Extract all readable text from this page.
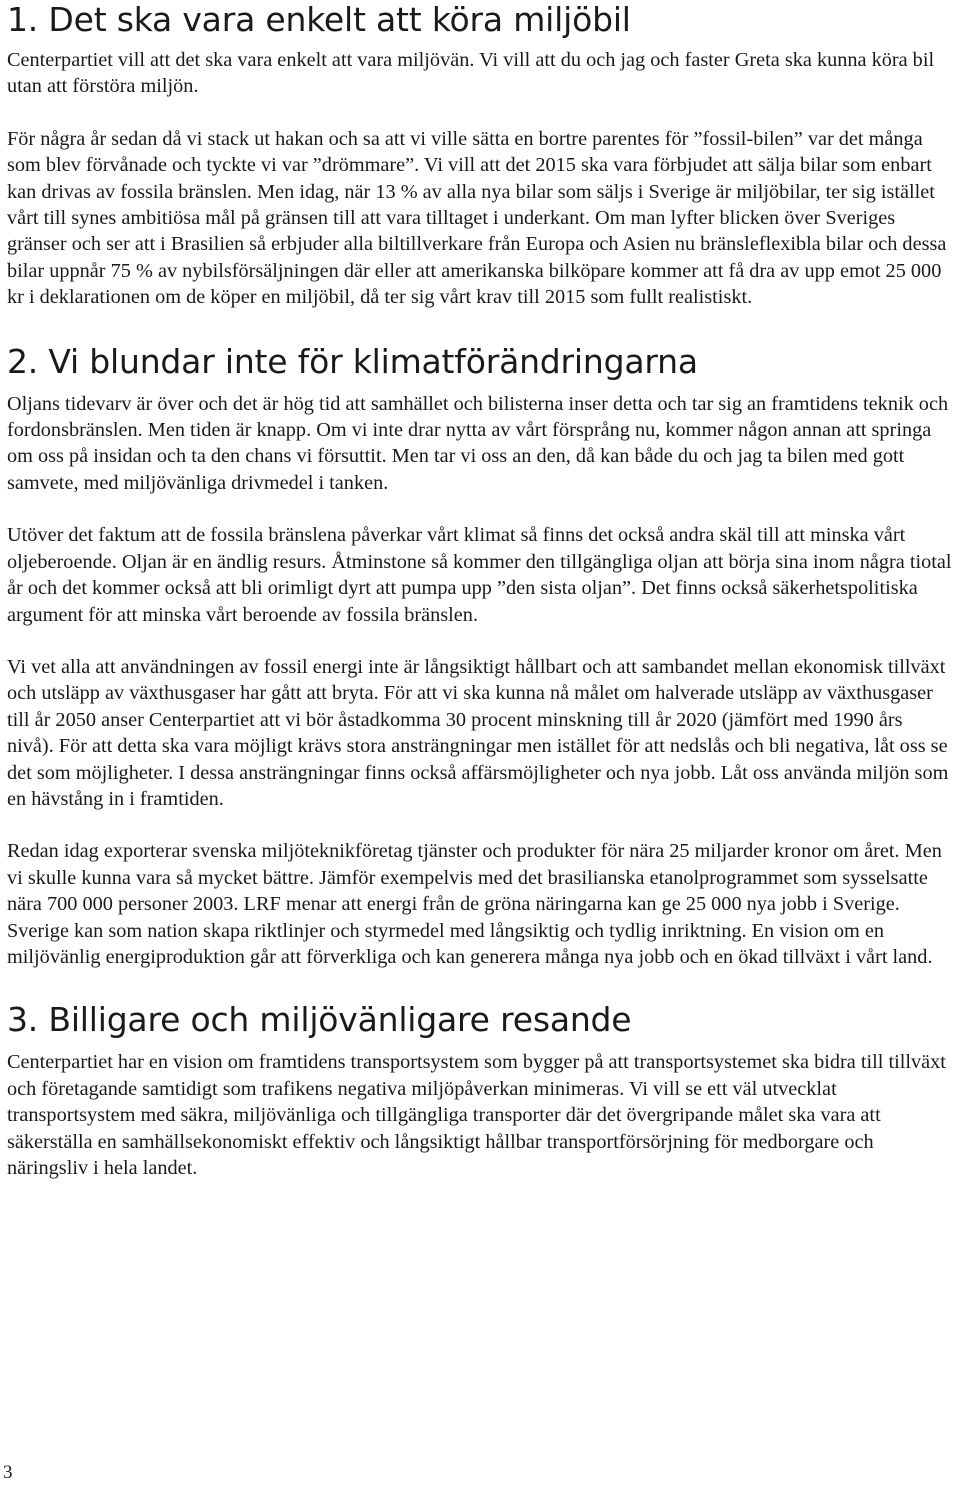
1. Det ska vara enkelt att köra miljöbil

Centerpartiet vill att det ska vara enkelt att vara miljövän. Vi vill att du och jag och faster Greta ska kunna köra bil utan att förstöra miljön.

För några år sedan då vi stack ut hakan och sa att vi ville sätta en bortre parentes för ”fossil-bilen” var det många som blev förvånade och tyckte vi var ”drömmare”. Vi vill att det 2015 ska vara förbjudet att sälja bilar som enbart kan drivas av fossila bränslen. Men idag, när 13 % av alla nya bilar som säljs i Sverige är miljöbilar, ter sig istället vårt till synes ambitiösa mål på gränsen till att vara tilltaget i underkant. Om man lyfter blicken över Sveriges gränser och ser att i Brasilien så erbjuder alla biltillverkare från Europa och Asien nu bränsleflexibla bilar och dessa bilar uppnår 75 % av nybilsförsäljningen där eller att amerikanska bilköpare kommer att få dra av upp emot 25 000 kr i deklarationen om de köper en miljöbil, då ter sig vårt krav till 2015 som fullt realistiskt.

2. Vi blundar inte för klimatförändringarna

Oljans tidevarv är över och det är hög tid att samhället och bilisterna inser detta och tar sig an framtidens teknik och fordonsbränslen. Men tiden är knapp. Om vi inte drar nytta av vårt försprång nu, kommer någon annan att springa om oss på insidan och ta den chans vi försuttit. Men tar vi oss an den, då kan både du och jag ta bilen med gott samvete, med miljövänliga drivmedel i tanken.

Utöver det faktum att de fossila bränslena påverkar vårt klimat så finns det också andra skäl till att minska vårt oljeberoende. Oljan är en ändlig resurs. Åtminstone så kommer den tillgängliga oljan att börja sina inom några tiotal år och det kommer också att bli orimligt dyrt att pumpa upp ”den sista oljan”. Det finns också säkerhetspolitiska argument för att minska vårt beroende av fossila bränslen.

Vi vet alla att användningen av fossil energi inte är långsiktigt hållbart och att sambandet mellan ekonomisk tillväxt och utsläpp av växthusgaser har gått att bryta. För att vi ska kunna nå målet om halverade utsläpp av växthusgaser till år 2050 anser Centerpartiet att vi bör åstadkomma 30 procent minskning till år 2020 (jämfört med 1990 års nivå). För att detta ska vara möjligt krävs stora ansträngningar men istället för att nedslås och bli negativa, låt oss se det som möjligheter. I dessa ansträngningar finns också affärsmöjligheter och nya jobb. Låt oss använda miljön som en hävstång in i framtiden.

Redan idag exporterar svenska miljöteknikföretag tjänster och produkter för nära 25 miljarder kronor om året. Men vi skulle kunna vara så mycket bättre. Jämför exempelvis med det brasilianska etanolprogrammet som sysselsatte nära 700 000 personer 2003. LRF menar att energi från de gröna näringarna kan ge 25 000 nya jobb i Sverige. Sverige kan som nation skapa riktlinjer och styrmedel med långsiktig och tydlig inriktning. En vision om en miljövänlig energiproduktion går att förverkliga och kan generera många nya jobb och en ökad tillväxt i vårt land.

3. Billigare och miljövänligare resande

Centerpartiet har en vision om framtidens transportsystem som bygger på att transportsystemet ska bidra till tillväxt och företagande samtidigt som trafikens negativa miljöpåverkan minimeras. Vi vill se ett väl utvecklat transportsystem med säkra, miljövänliga och tillgängliga transporter där det övergripande målet ska vara att säkerställa en samhällsekonomiskt effektiv och långsiktigt hållbar transportförsörjning för medborgare och näringsliv i hela landet.

3
